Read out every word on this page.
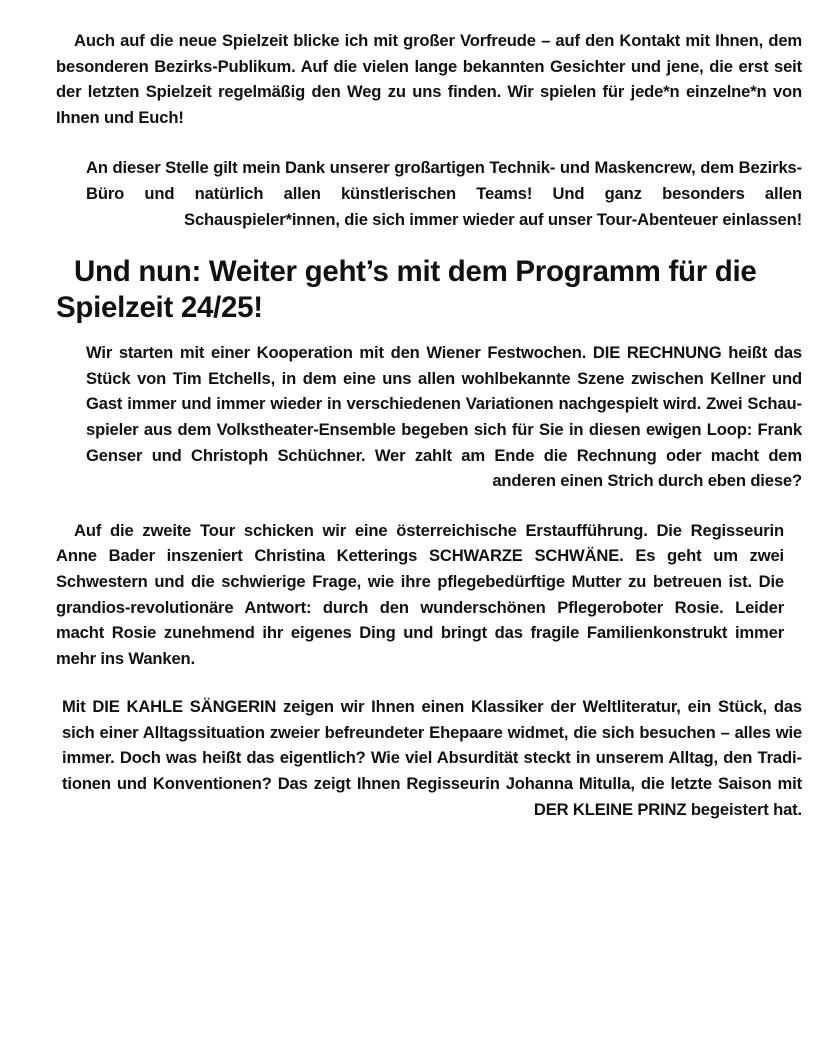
Auch auf die neue Spielzeit blicke ich mit großer Vorfreude – auf den Kontakt mit Ihnen, dem besonderen Bezirks-Publikum. Auf die vielen lange bekannten Gesichter und jene, die erst seit der letzten Spielzeit regelmäßig den Weg zu uns finden. Wir spielen für jede*n einzelne*n von Ihnen und Euch!

An dieser Stelle gilt mein Dank unserer großartigen Technik- und Maskencrew, dem Bezirks-Büro und natürlich allen künstlerischen Teams! Und ganz besonders allen Schauspieler*innen, die sich immer wieder auf unser Tour-Abenteuer einlassen!

Und nun: Weiter geht’s mit dem Programm für die Spielzeit 24/25!

Wir starten mit einer Kooperation mit den Wiener Festwochen. DIE RECHNUNG heißt das Stück von Tim Etchells, in dem eine uns allen wohlbekannte Szene zwischen Kellner und Gast immer und immer wieder in verschiedenen Variationen nachgespielt wird. Zwei Schauspieler aus dem Volkstheater-Ensemble begeben sich für Sie in diesen ewigen Loop: Frank Genser und Christoph Schüchner. Wer zahlt am Ende die Rechnung oder macht dem anderen einen Strich durch eben diese?

Auf die zweite Tour schicken wir eine österreichische Erstaufführung. Die Regisseurin Anne Bader inszeniert Christina Ketterings SCHWARZE SCHWÄNE. Es geht um zwei Schwestern und die schwierige Frage, wie ihre pflegebedürftige Mutter zu betreuen ist. Die grandios-revolutionäre Antwort: durch den wunderschönen Pflegeroboter Rosie. Leider macht Rosie zunehmend ihr eigenes Ding und bringt das fragile Familienkonstrukt immer mehr ins Wanken.

Mit DIE KAHLE SÄNGERIN zeigen wir Ihnen einen Klassiker der Weltliteratur, ein Stück, das sich einer Alltagssituation zweier befreundeter Ehepaare widmet, die sich besuchen – alles wie immer. Doch was heißt das eigentlich? Wie viel Absurdität steckt in unserem Alltag, den Traditionen und Konventionen? Das zeigt Ihnen Regisseurin Johanna Mitulla, die letzte Saison mit DER KLEINE PRINZ begeistert hat.
